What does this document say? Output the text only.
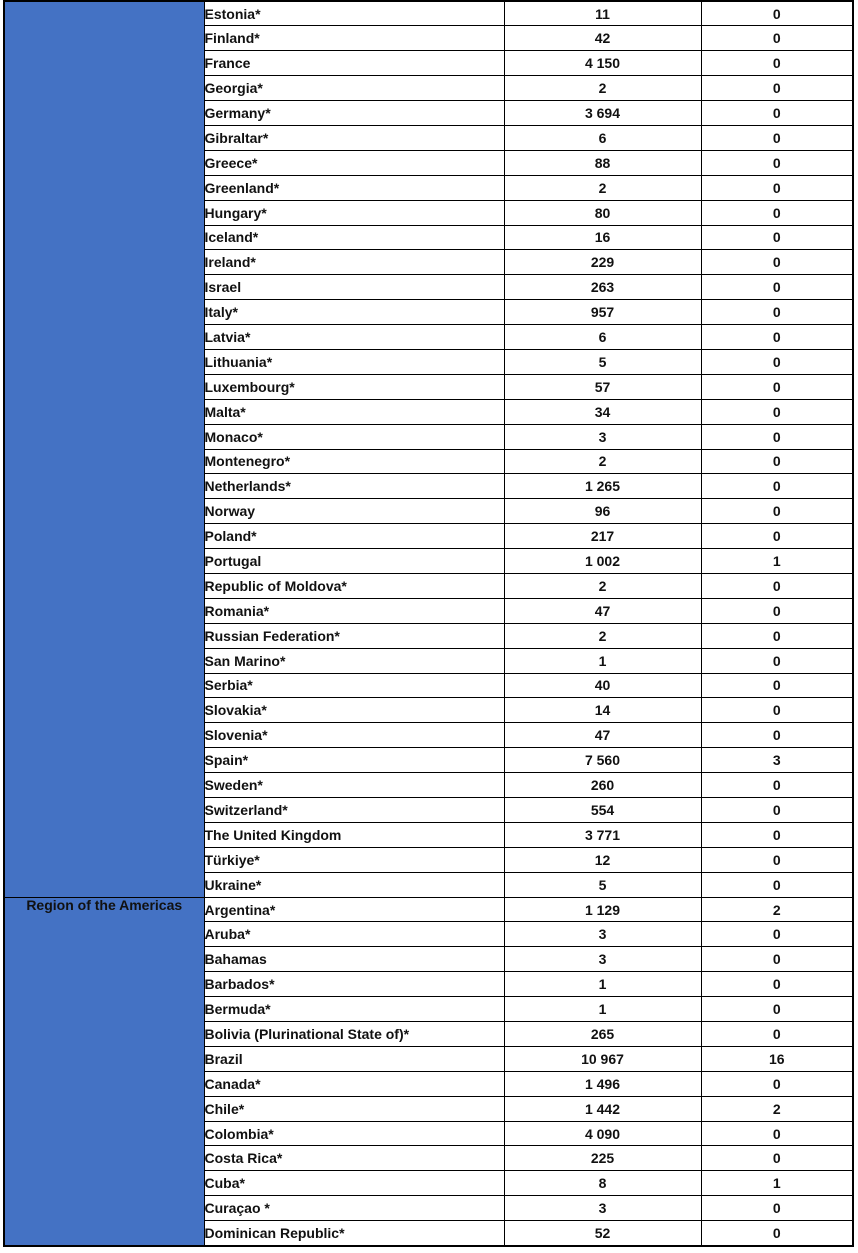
	Estonia*	11	0
	Finland*	42	0
	France	4 150	0
	Georgia*	2	0
	Germany*	3 694	0
	Gibraltar*	6	0
	Greece*	88	0
	Greenland*	2	0
	Hungary*	80	0
	Iceland*	16	0
	Ireland*	229	0
	Israel	263	0
	Italy*	957	0
	Latvia*	6	0
	Lithuania*	5	0
	Luxembourg*	57	0
	Malta*	34	0
	Monaco*	3	0
	Montenegro*	2	0
	Netherlands*	1 265	0
	Norway	96	0
	Poland*	217	0
	Portugal	1 002	1
	Republic of Moldova*	2	0
	Romania*	47	0
	Russian Federation*	2	0
	San Marino*	1	0
	Serbia*	40	0
	Slovakia*	14	0
	Slovenia*	47	0
	Spain*	7 560	3
	Sweden*	260	0
	Switzerland*	554	0
	The United Kingdom	3 771	0
	Türkiye*	12	0
	Ukraine*	5	0
Region of the Americas	Argentina*	1 129	2
	Aruba*	3	0
	Bahamas	3	0
	Barbados*	1	0
	Bermuda*	1	0
	Bolivia (Plurinational State of)*	265	0
	Brazil	10 967	16
	Canada*	1 496	0
	Chile*	1 442	2
	Colombia*	4 090	0
	Costa Rica*	225	0
	Cuba*	8	1
	Curaçao *	3	0
	Dominican Republic*	52	0
